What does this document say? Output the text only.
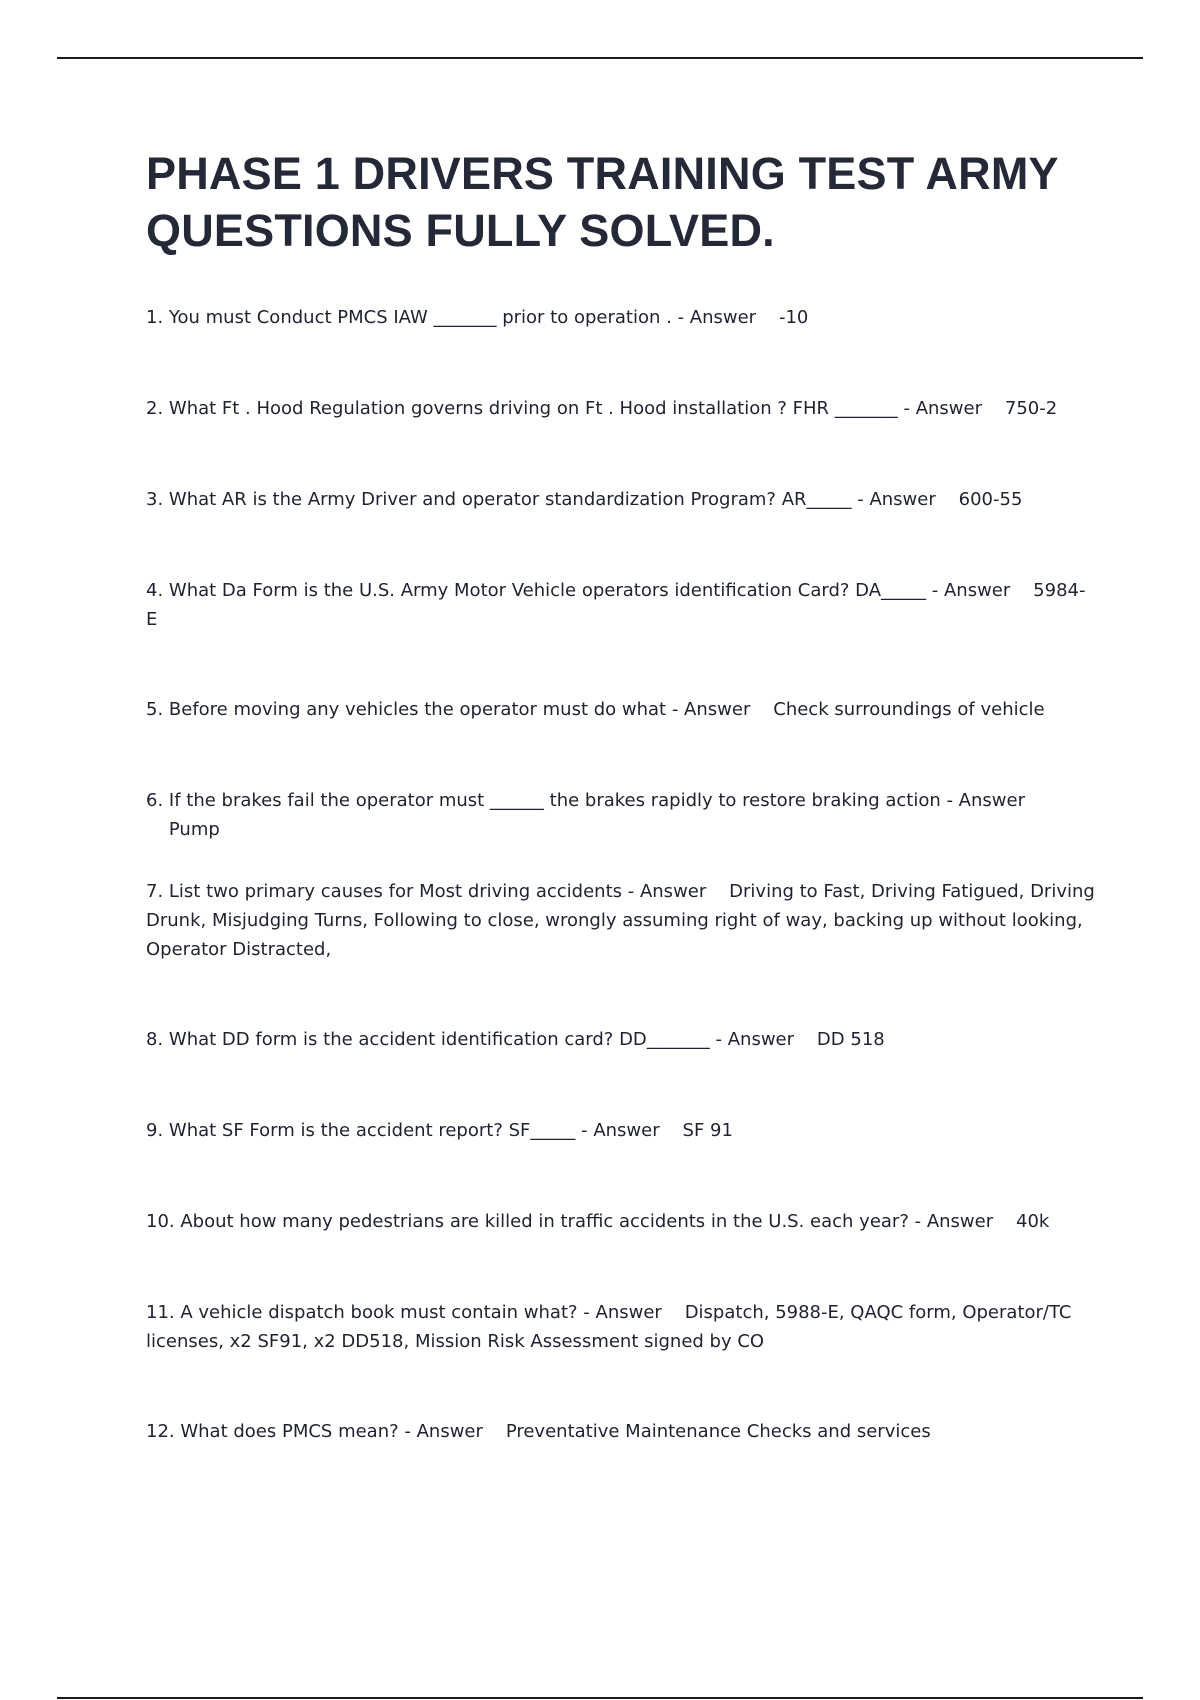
PHASE 1 DRIVERS TRAINING TEST ARMY QUESTIONS FULLY SOLVED.
1. You must Conduct PMCS IAW _______ prior to operation . - Answer -10
2. What Ft . Hood Regulation governs driving on Ft . Hood installation ? FHR _______ - Answer 750-2
3. What AR is the Army Driver and operator standardization Program? AR_____ - Answer 600-55
4. What Da Form is the U.S. Army Motor Vehicle operators identification Card? DA_____ - Answer 5984-E
5. Before moving any vehicles the operator must do what - Answer Check surroundings of vehicle
6. If the brakes fail the operator must ______ the brakes rapidly to restore braking action - Answer    Pump
7. List two primary causes for Most driving accidents - Answer Driving to Fast, Driving Fatigued, Driving Drunk, Misjudging Turns, Following to close, wrongly assuming right of way, backing up without looking, Operator Distracted,
8. What DD form is the accident identification card? DD_______ - Answer DD 518
9. What SF Form is the accident report? SF_____ - Answer SF 91
10. About how many pedestrians are killed in traffic accidents in the U.S. each year? - Answer 40k
11. A vehicle dispatch book must contain what? - Answer Dispatch, 5988-E, QAQC form, Operator/TC licenses, x2 SF91, x2 DD518, Mission Risk Assessment signed by CO
12. What does PMCS mean? - Answer Preventative Maintenance Checks and services
